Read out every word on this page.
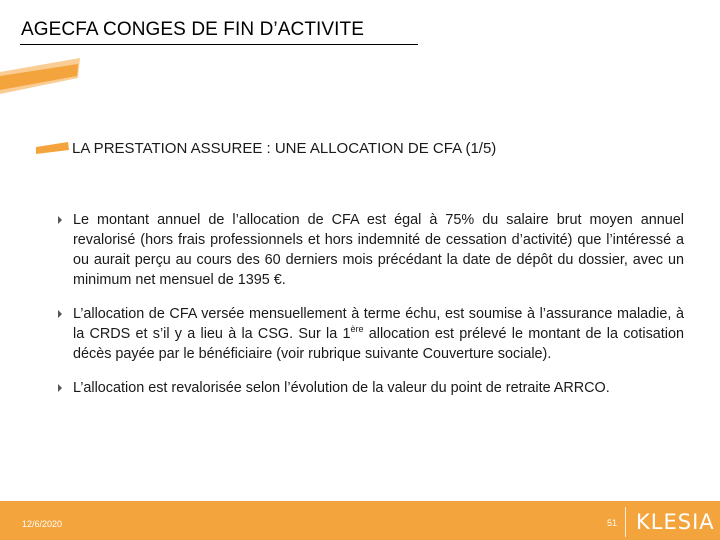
AGECFA CONGES DE FIN D’ACTIVITE
LA PRESTATION ASSUREE : UNE ALLOCATION DE CFA (1/5)
Le montant annuel de l’allocation de CFA est égal à 75% du salaire brut moyen annuel revalorisé (hors frais professionnels et hors indemnité de cessation d’activité) que l’intéressé a ou aurait perçu au cours des 60 derniers mois précédant la date de dépôt du dossier, avec un minimum net mensuel de 1395 €.
L’allocation de CFA versée mensuellement à terme échu, est soumise à l’assurance maladie, à la CRDS et s’il y a lieu à la CSG. Sur la 1ère allocation est prélevé le montant de la cotisation décès payée par le bénéficiaire (voir rubrique suivante Couverture sociale).
L’allocation est revalorisée selon l’évolution de la valeur du point de retraite ARRCO.
12/6/2020	51 KLESIA
